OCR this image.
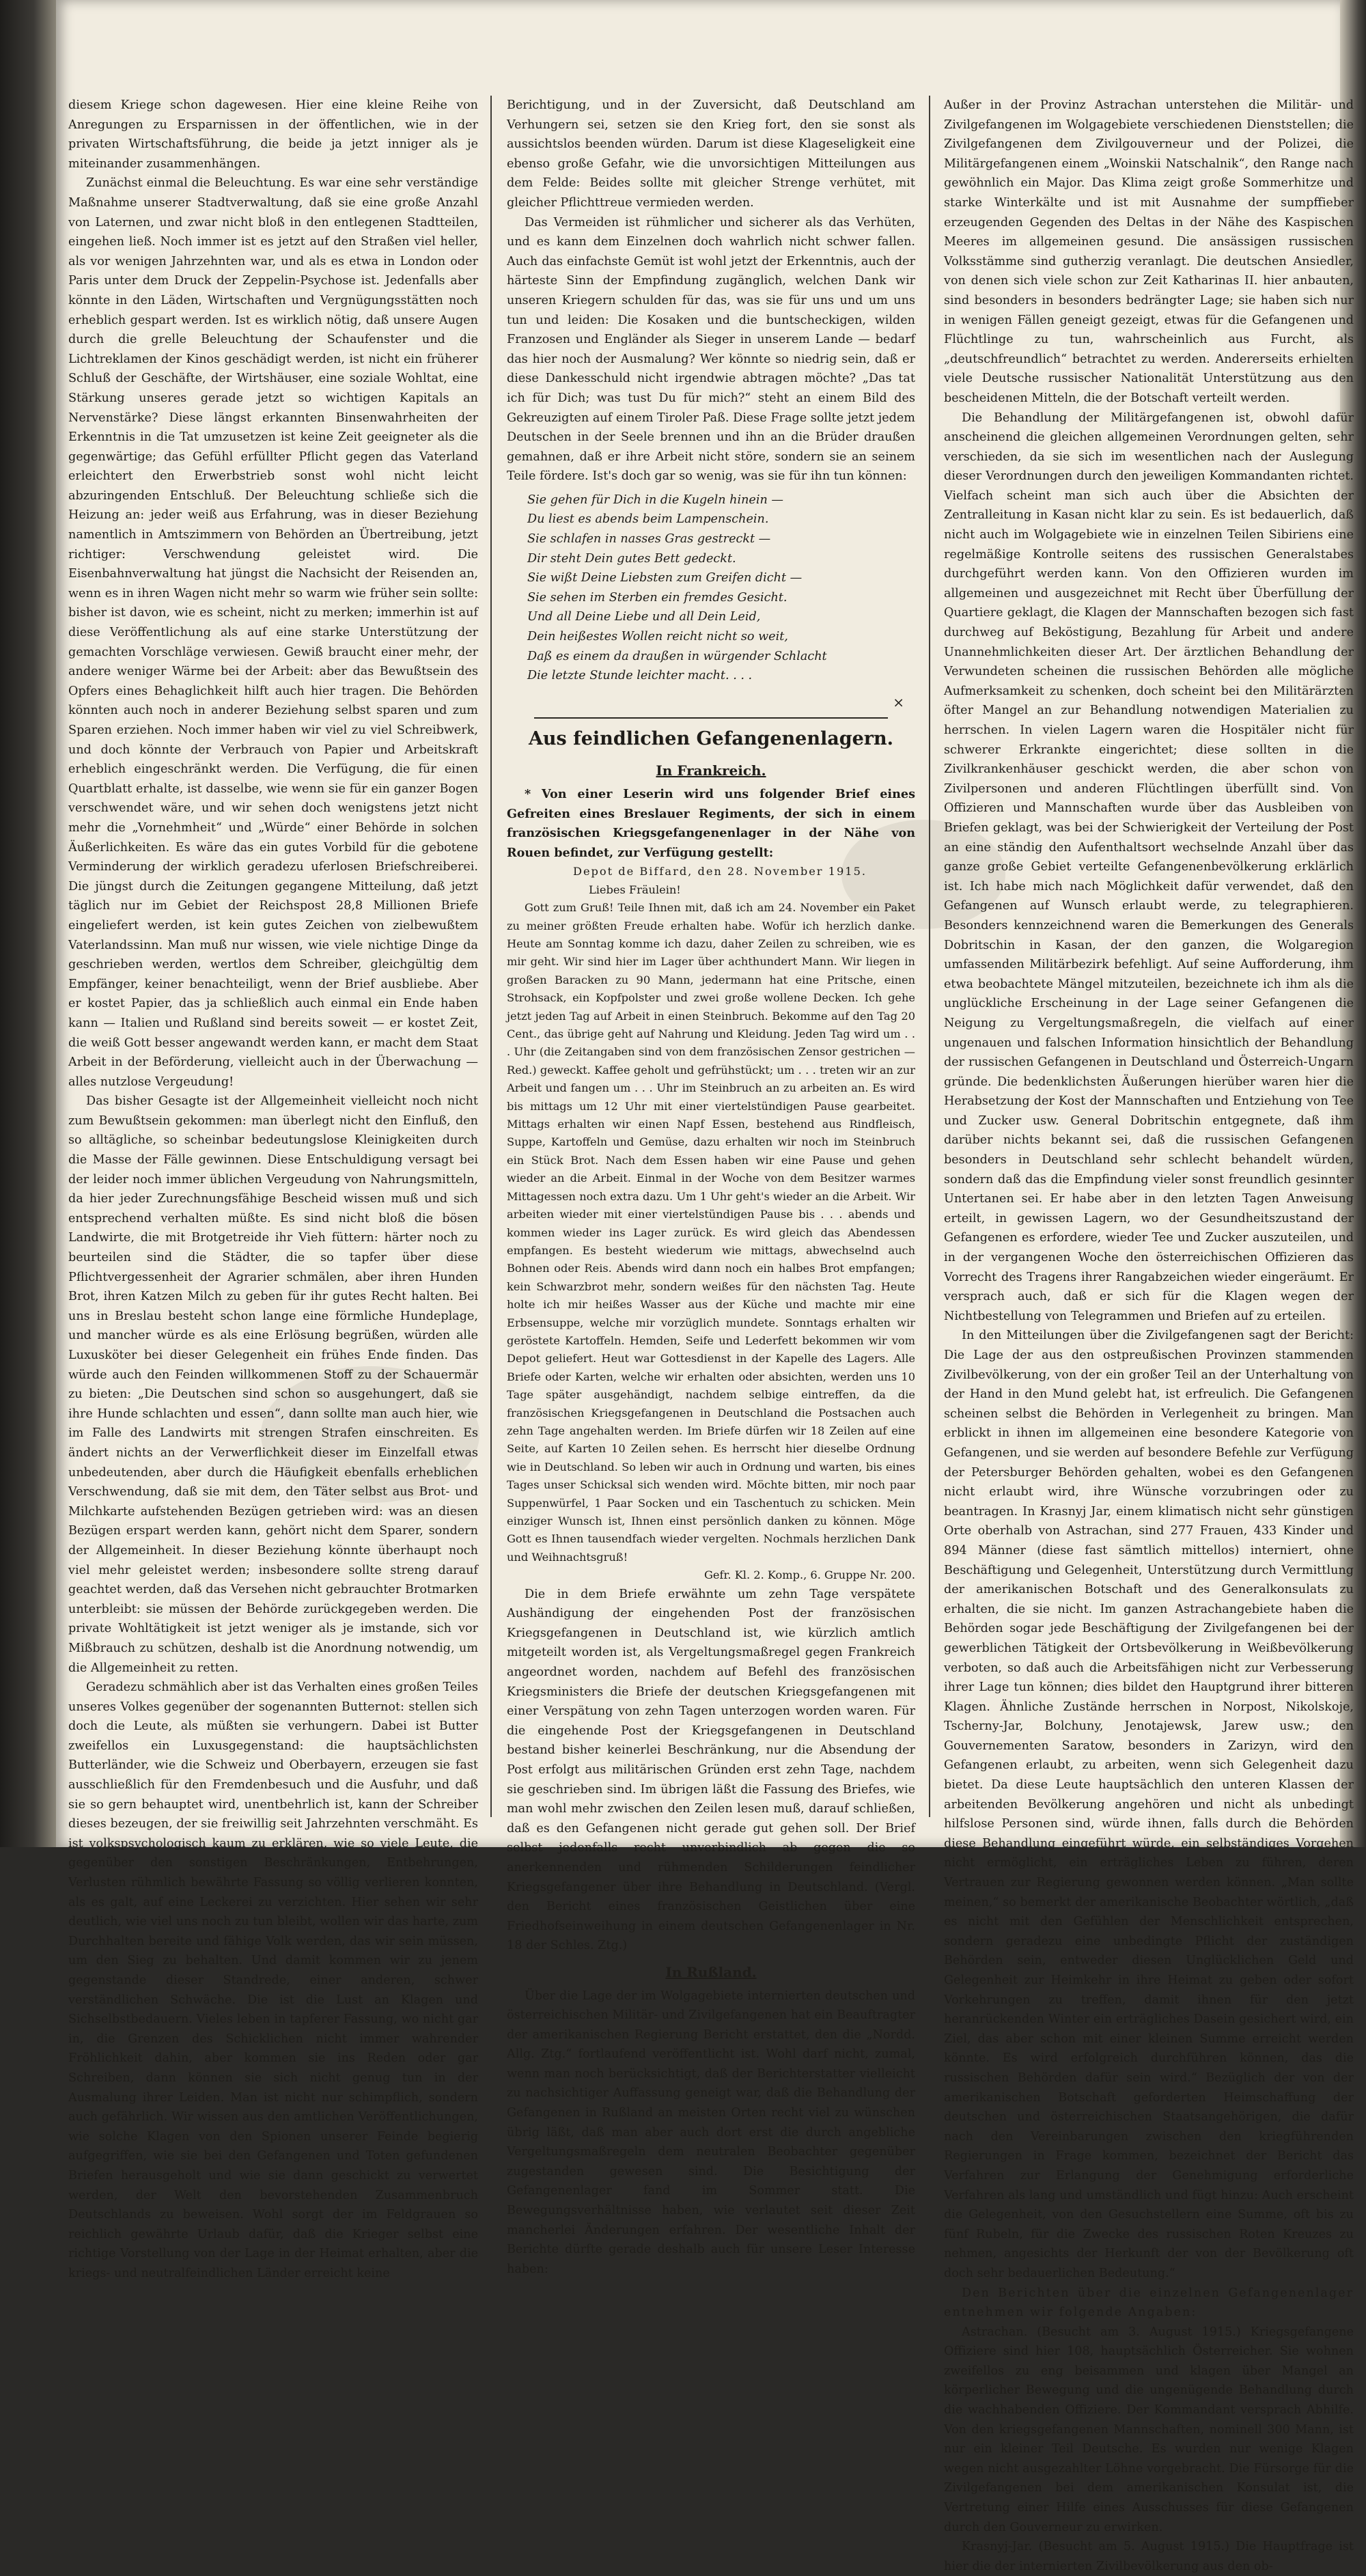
diesem Kriege schon dagewesen. Hier eine kleine Reihe von Anregungen zu Ersparnissen in der öffentlichen, wie in der privaten Wirtschaftsführung, die beide ja jetzt inniger als je miteinander zusammenhängen.

Zunächst einmal die Beleuchtung. Es war eine sehr verständige Maßnahme unserer Stadtverwaltung, daß sie eine große Anzahl von Laternen, und zwar nicht bloß in den entlegenen Stadtteilen, eingehen ließ. Noch immer ist es jetzt auf den Straßen viel heller, als vor wenigen Jahrzehnten war, und als es etwa in London oder Paris unter dem Druck der Zeppelin-Psychose ist. Jedenfalls aber könnte in den Läden, Wirtschaften und Vergnügungsstätten noch erheblich gespart werden. Ist es wirklich nötig, daß unsere Augen durch die grelle Beleuchtung der Schaufenster und die Lichtreklamen der Kinos geschädigt werden, ist nicht ein früherer Schluß der Geschäfte, der Wirtshäuser, eine soziale Wohltat, eine Stärkung unseres gerade jetzt so wichtigen Kapitals an Nervenstärke? Diese längst erkannten Binsenwahrheiten der Erkenntnis in die Tat umzusetzen ist keine Zeit geeigneter als die gegenwärtige; das Gefühl erfüllter Pflicht gegen das Vaterland erleichtert den Erwerbstrieb sonst wohl nicht leicht abzuringenden Entschluß. Der Beleuchtung schließe sich die Heizung an: jeder weiß aus Erfahrung, was in dieser Beziehung namentlich in Amtszimmern von Behörden an Übertreibung, jetzt richtiger: Verschwendung geleistet wird. Die Eisenbahnverwaltung hat jüngst die Nachsicht der Reisenden an, wenn es in ihren Wagen nicht mehr so warm wie früher sein sollte: bisher ist davon, wie es scheint, nicht zu merken; immerhin ist auf diese Veröffentlichung als auf eine starke Unterstützung der gemachten Vorschläge verwiesen. Gewiß braucht einer mehr, der andere weniger Wärme bei der Arbeit: aber das Bewußtsein des Opfers eines Behaglichkeit hilft auch hier tragen. Die Behörden könnten auch noch in anderer Beziehung selbst sparen und zum Sparen erziehen. Noch immer haben wir viel zu viel Schreibwerk, und doch könnte der Verbrauch von Papier und Arbeitskraft erheblich eingeschränkt werden. Die Verfügung, die für einen Quartblatt erhalte, ist dasselbe, wie wenn sie für ein ganzer Bogen verschwendet wäre, und wir sehen doch wenigstens jetzt nicht mehr die „Vornehmheit“ und „Würde“ einer Behörde in solchen Äußerlichkeiten. Es wäre das ein gutes Vorbild für die gebotene Verminderung der wirklich geradezu uferlosen Briefschreiberei. Die jüngst durch die Zeitungen gegangene Mitteilung, daß jetzt täglich nur im Gebiet der Reichspost 28,8 Millionen Briefe eingeliefert werden, ist kein gutes Zeichen von zielbewußtem Vaterlandssinn. Man muß nur wissen, wie viele nichtige Dinge da geschrieben werden, wertlos dem Schreiber, gleichgültig dem Empfänger, keiner benachteiligt, wenn der Brief ausbliebe. Aber er kostet Papier, das ja schließlich auch einmal ein Ende haben kann — Italien und Rußland sind bereits soweit — er kostet Zeit, die weiß Gott besser angewandt werden kann, er macht dem Staat Arbeit in der Beförderung, vielleicht auch in der Überwachung — alles nutzlose Vergeudung!

Das bisher Gesagte ist der Allgemeinheit vielleicht noch nicht zum Bewußtsein gekommen: man überlegt nicht den Einfluß, den so alltägliche, so scheinbar bedeutungslose Kleinigkeiten durch die Masse der Fälle gewinnen. Diese Entschuldigung versagt bei der leider noch immer üblichen Vergeudung von Nahrungsmitteln, da hier jeder Zurechnungsfähige Bescheid wissen muß und sich entsprechend verhalten müßte. Es sind nicht bloß die bösen Landwirte, die mit Brotgetreide ihr Vieh füttern: härter noch zu beurteilen sind die Städter, die so tapfer über diese Pflichtvergessenheit der Agrarier schmälen, aber ihren Hunden Brot, ihren Katzen Milch zu geben für ihr gutes Recht halten. Bei uns in Breslau besteht schon lange eine förmliche Hundeplage, und mancher würde es als eine Erlösung begrüßen, würden alle Luxusköter bei dieser Gelegenheit ein frühes Ende finden. Das würde auch den Feinden willkommenen Stoff zu der Schauermär zu bieten: „Die Deutschen sind schon so ausgehungert, daß sie ihre Hunde schlachten und essen“, dann sollte man auch hier, wie im Falle des Landwirts mit strengen Strafen einschreiten. Es ändert nichts an der Verwerflichkeit dieser im Einzelfall etwas unbedeutenden, aber durch die Häufigkeit ebenfalls erheblichen Verschwendung, daß sie mit dem, den Täter selbst aus Brot- und Milchkarte aufstehenden Bezügen getrieben wird: was an diesen Bezügen erspart werden kann, gehört nicht dem Sparer, sondern der Allgemeinheit. In dieser Beziehung könnte überhaupt noch viel mehr geleistet werden; insbesondere sollte streng darauf geachtet werden, daß das Versehen nicht gebrauchter Brotmarken unterbleibt: sie müssen der Behörde zurückgegeben werden. Die private Wohltätigkeit ist jetzt weniger als je imstande, sich vor Mißbrauch zu schützen, deshalb ist die Anordnung notwendig, um die Allgemeinheit zu retten.

Geradezu schmählich aber ist das Verhalten eines großen Teiles unseres Volkes gegenüber der sogenannten Butternot: stellen sich doch die Leute, als müßten sie verhungern. Dabei ist Butter zweifellos ein Luxusgegenstand: die hauptsächlichsten Butterländer, wie die Schweiz und Oberbayern, erzeugen sie fast ausschließlich für den Fremdenbesuch und die Ausfuhr, und daß sie so gern behauptet wird, unentbehrlich ist, kann der Schreiber dieses bezeugen, der sie freiwillig seit Jahrzehnten verschmäht. Es ist volkspsychologisch kaum zu erklären, wie so viele Leute, die gegenüber den sonstigen Beschränkungen, Entbehrungen, Verlusten rühmlich bewährte Fassung so völlig verlieren konnten, als es galt, auf eine Leckerei zu verzichten. Hier sehen wir sehr deutlich, wie viel uns noch zu tun bleibt, wollen wir das harte, zum Durchhalten bereite und fähige Volk werden, das wir sein müssen, um den Sieg zu behalten. Und damit kommen wir zu jenem gegenstande dieser Standrede, einer anderen, schwer verständlichen Schwäche. Die ist die Lust an Klagen und Sichselbstbedauern. Vieles leben in tapferer Fassung, wo nicht gar in, die Grenzen des Schicklichen nicht immer wahrender Fröhlichkeit dahin, aber kommen sie ins Reden oder gar Schreiben, dann können sie sich nicht genug tun in der Ausmalung ihrer Leiden. Man ist nicht nur schimpflich, sondern auch gefährlich. Wir wissen aus den amtlichen Veröffentlichungen, wie solche Klagen von den Spionen unserer Feinde begierig aufgegriffen, wie sie bei den Gefangenen und Toten gefundenen Briefen herausgeholt und wie sie dann geschickt zu verwertet werden, der Welt den bevorstehenden Zusammenbruch Deutschlands zu beweisen. Wohl sorgt der im Feldgrauen so reichlich gewährte Urlaub dafür, daß die Krieger selbst eine richtige Vorstellung von der Lage in der Heimat erhalten, aber die kriegs- und neutralfeindlichen Länder erreicht keine

Berichtigung, und in der Zuversicht, daß Deutschland am Verhungern sei, setzen sie den Krieg fort, den sie sonst als aussichtslos beenden würden. Darum ist diese Klageseligkeit eine ebenso große Gefahr, wie die unvorsichtigen Mitteilungen aus dem Felde: Beides sollte mit gleicher Strenge verhütet, mit gleicher Pflichttreue vermieden werden.

Das Vermeiden ist rühmlicher und sicherer als das Verhüten, und es kann dem Einzelnen doch wahrlich nicht schwer fallen. Auch das einfachste Gemüt ist wohl jetzt der Erkenntnis, auch der härteste Sinn der Empfindung zugänglich, welchen Dank wir unseren Kriegern schulden für das, was sie für uns und um uns tun und leiden: Die Kosaken und die buntscheckigen, wilden Franzosen und Engländer als Sieger in unserem Lande — bedarf das hier noch der Ausmalung? Wer könnte so niedrig sein, daß er diese Dankesschuld nicht irgendwie abtragen möchte? „Das tat ich für Dich; was tust Du für mich?“ steht an einem Bild des Gekreuzigten auf einem Tiroler Paß. Diese Frage sollte jetzt jedem Deutschen in der Seele brennen und ihn an die Brüder draußen gemahnen, daß er ihre Arbeit nicht störe, sondern sie an seinem Teile fördere. Ist's doch gar so wenig, was sie für ihn tun können:

Sie gehen für Dich in die Kugeln hinein —
Du liest es abends beim Lampenschein.
Sie schlafen in nasses Gras gestreckt —
Dir steht Dein gutes Bett gedeckt.
Sie wißt Deine Liebsten zum Greifen dicht —
Sie sehen im Sterben ein fremdes Gesicht.
Und all Deine Liebe und all Dein Leid,
Dein heißestes Wollen reicht nicht so weit,
Daß es einem da draußen in würgender Schlacht
Die letzte Stunde leichter macht. . . .
×
Aus feindlichen Gefangenenlagern.
In Frankreich.

* Von einer Leserin wird uns folgender Brief eines Gefreiten eines Breslauer Regiments, der sich in einem französischen Kriegsgefangenenlager in der Nähe von Rouen befindet, zur Verfügung gestellt:

Depot de Biffard, den 28. November 1915.

Liebes Fräulein!

Gott zum Gruß! Teile Ihnen mit, daß ich am 24. November ein Paket zu meiner größten Freude erhalten habe. Wofür ich herzlich danke. Heute am Sonntag komme ich dazu, daher Zeilen zu schreiben, wie es mir geht. Wir sind hier im Lager über achthundert Mann. Wir liegen in großen Baracken zu 90 Mann, jedermann hat eine Pritsche, einen Strohsack, ein Kopfpolster und zwei große wollene Decken. Ich gehe jetzt jeden Tag auf Arbeit in einen Steinbruch. Bekomme auf den Tag 20 Cent., das übrige geht auf Nahrung und Kleidung. Jeden Tag wird um . . . Uhr (die Zeitangaben sind von dem französischen Zensor gestrichen — Red.) geweckt. Kaffee geholt und gefrühstückt; um . . . treten wir an zur Arbeit und fangen um . . . Uhr im Steinbruch an zu arbeiten an. Es wird bis mittags um 12 Uhr mit einer viertelstündigen Pause gearbeitet. Mittags erhalten wir einen Napf Essen, bestehend aus Rindfleisch, Suppe, Kartoffeln und Gemüse, dazu erhalten wir noch im Steinbruch ein Stück Brot. Nach dem Essen haben wir eine Pause und gehen wieder an die Arbeit. Einmal in der Woche von dem Besitzer warmes Mittagessen noch extra dazu. Um 1 Uhr geht's wieder an die Arbeit. Wir arbeiten wieder mit einer viertelstündigen Pause bis . . . abends und kommen wieder ins Lager zurück. Es wird gleich das Abendessen empfangen. Es besteht wiederum wie mittags, abwechselnd auch Bohnen oder Reis. Abends wird dann noch ein halbes Brot empfangen; kein Schwarzbrot mehr, sondern weißes für den nächsten Tag. Heute holte ich mir heißes Wasser aus der Küche und machte mir eine Erbsensuppe, welche mir vorzüglich mundete. Sonntags erhalten wir geröstete Kartoffeln. Hemden, Seife und Lederfett bekommen wir vom Depot geliefert. Heut war Gottesdienst in der Kapelle des Lagers. Alle Briefe oder Karten, welche wir erhalten oder absichten, werden uns 10 Tage später ausgehändigt, nachdem selbige eintreffen, da die französischen Kriegsgefangenen in Deutschland die Postsachen auch zehn Tage angehalten werden. Im Briefe dürfen wir 18 Zeilen auf eine Seite, auf Karten 10 Zeilen sehen. Es herrscht hier dieselbe Ordnung wie in Deutschland. So leben wir auch in Ordnung und warten, bis eines Tages unser Schicksal sich wenden wird. Möchte bitten, mir noch paar Suppenwürfel, 1 Paar Socken und ein Taschentuch zu schicken. Mein einziger Wunsch ist, Ihnen einst persönlich danken zu können. Möge Gott es Ihnen tausendfach wieder vergelten. Nochmals herzlichen Dank und Weihnachtsgruß!

Gefr. Kl. 2. Komp., 6. Gruppe Nr. 200.

Die in dem Briefe erwähnte um zehn Tage verspätete Aushändigung der eingehenden Post der französischen Kriegsgefangenen in Deutschland ist, wie kürzlich amtlich mitgeteilt worden ist, als Vergeltungsmaßregel gegen Frankreich angeordnet worden, nachdem auf Befehl des französischen Kriegsministers die Briefe der deutschen Kriegsgefangenen mit einer Verspätung von zehn Tagen unterzogen worden waren. Für die eingehende Post der Kriegsgefangenen in Deutschland bestand bisher keinerlei Beschränkung, nur die Absendung der Post erfolgt aus militärischen Gründen erst zehn Tage, nachdem sie geschrieben sind. Im übrigen läßt die Fassung des Briefes, wie man wohl mehr zwischen den Zeilen lesen muß, darauf schließen, daß es den Gefangenen nicht gerade gut gehen soll. Der Brief selbst jedenfalls recht unverbindlich ab gegen die so anerkennenden und rühmenden Schilderungen feindlicher Kriegsgefangener über ihre Behandlung in Deutschland. (Vergl. den Bericht eines französischen Geistlichen über eine Friedhofseinweihung in einem deutschen Gefangenenlager in Nr. 18 der Schles. Ztg.)

In Rußland.

Über die Lage der im Wolgagebiete internierten deutschen und österreichischen Militär- und Zivilgefangenen hat ein Beauftragter der amerikanischen Regierung Bericht erstattet, den die „Nordd. Allg. Ztg.“ fortlaufend veröffentlicht ist. Wohl darf nicht, zumal, wenn man noch berücksichtigt, daß der Berichterstatter vielleicht zu nachsichtiger Auffassung geneigt war, daß die Behandlung der Gefangenen in Rußland an meisten Orten recht viel zu wünschen übrig läßt, daß man aber auch dort erst die durch angebliche Vergeltungsmaßregeln dem neutralen Beobachter gegenüber zugestanden gewesen sind. Die Besichtigung der Gefangenenlager fand im Sommer statt. Die Bewegungsverhältnisse haben, wie verlautet seit dieser Zeit mancherlei Änderungen erfahren. Der wesentliche Inhalt der Berichte dürfte gerade deshalb auch für unsere Leser Interesse haben:

Außer in der Provinz Astrachan unterstehen die Militär- und Zivilgefangenen im Wolgagebiete verschiedenen Dienststellen; die Zivilgefangenen dem Zivilgouverneur und der Polizei, die Militärgefangenen einem „Woinskii Natschalnik“, den Range nach gewöhnlich ein Major. Das Klima zeigt große Sommerhitze und starke Winterkälte und ist mit Ausnahme der sumpffieber erzeugenden Gegenden des Deltas in der Nähe des Kaspischen Meeres im allgemeinen gesund. Die ansässigen russischen Volksstämme sind gutherzig veranlagt. Die deutschen Ansiedler, von denen sich viele schon zur Zeit Katharinas II. hier anbauten, sind besonders in besonders bedrängter Lage; sie haben sich nur in wenigen Fällen geneigt gezeigt, etwas für die Gefangenen und Flüchtlinge zu tun, wahrscheinlich aus Furcht, als „deutschfreundlich“ betrachtet zu werden. Andererseits erhielten viele Deutsche russischer Nationalität Unterstützung aus den bescheidenen Mitteln, die der Botschaft verteilt werden.

Die Behandlung der Militärgefangenen ist, obwohl dafür anscheinend die gleichen allgemeinen Verordnungen gelten, sehr verschieden, da sie sich im wesentlichen nach der Auslegung dieser Verordnungen durch den jeweiligen Kommandanten richtet. Vielfach scheint man sich auch über die Absichten der Zentralleitung in Kasan nicht klar zu sein. Es ist bedauerlich, daß nicht auch im Wolgagebiete wie in einzelnen Teilen Sibiriens eine regelmäßige Kontrolle seitens des russischen Generalstabes durchgeführt werden kann. Von den Offizieren wurden im allgemeinen und ausgezeichnet mit Recht über Überfüllung der Quartiere geklagt, die Klagen der Mannschaften bezogen sich fast durchweg auf Beköstigung, Bezahlung für Arbeit und andere Unannehmlichkeiten dieser Art. Der ärztlichen Behandlung der Verwundeten scheinen die russischen Behörden alle mögliche Aufmerksamkeit zu schenken, doch scheint bei den Militärärzten öfter Mangel an zur Behandlung notwendigen Materialien zu herrschen. In vielen Lagern waren die Hospitäler nicht für schwerer Erkrankte eingerichtet; diese sollten in die Zivilkrankenhäuser geschickt werden, die aber schon von Zivilpersonen und anderen Flüchtlingen überfüllt sind. Von Offizieren und Mannschaften wurde über das Ausbleiben von Briefen geklagt, was bei der Schwierigkeit der Verteilung der Post an eine ständig den Aufenthaltsort wechselnde Anzahl über das ganze große Gebiet verteilte Gefangenenbevölkerung erklärlich ist. Ich habe mich nach Möglichkeit dafür verwendet, daß den Gefangenen auf Wunsch erlaubt werde, zu telegraphieren. Besonders kennzeichnend waren die Bemerkungen des Generals Dobritschin in Kasan, der den ganzen, die Wolgaregion umfassenden Militärbezirk befehligt. Auf seine Aufforderung, ihm etwa beobachtete Mängel mitzuteilen, bezeichnete ich ihm als die unglückliche Erscheinung in der Lage seiner Gefangenen die Neigung zu Vergeltungsmaßregeln, die vielfach auf einer ungenauen und falschen Information hinsichtlich der Behandlung der russischen Gefangenen in Deutschland und Österreich-Ungarn gründe. Die bedenklichsten Äußerungen hierüber waren hier die Herabsetzung der Kost der Mannschaften und Entziehung von Tee und Zucker usw. General Dobritschin entgegnete, daß ihm darüber nichts bekannt sei, daß die russischen Gefangenen besonders in Deutschland sehr schlecht behandelt würden, sondern daß das die Empfindung vieler sonst freundlich gesinnter Untertanen sei. Er habe aber in den letzten Tagen Anweisung erteilt, in gewissen Lagern, wo der Gesundheitszustand der Gefangenen es erfordere, wieder Tee und Zucker auszuteilen, und in der vergangenen Woche den österreichischen Offizieren das Vorrecht des Tragens ihrer Rangabzeichen wieder eingeräumt. Er versprach auch, daß er sich für die Klagen wegen der Nichtbestellung von Telegrammen und Briefen auf zu erteilen.

In den Mitteilungen über die Zivilgefangenen sagt der Bericht: Die Lage der aus den ostpreußischen Provinzen stammenden Zivilbevölkerung, von der ein großer Teil an der Unterhaltung von der Hand in den Mund gelebt hat, ist erfreulich. Die Gefangenen scheinen selbst die Behörden in Verlegenheit zu bringen. Man erblickt in ihnen im allgemeinen eine besondere Kategorie von Gefangenen, und sie werden auf besondere Befehle zur Verfügung der Petersburger Behörden gehalten, wobei es den Gefangenen nicht erlaubt wird, ihre Wünsche vorzubringen oder zu beantragen. In Krasnyj Jar, einem klimatisch nicht sehr günstigen Orte oberhalb von Astrachan, sind 277 Frauen, 433 Kinder und 894 Männer (diese fast sämtlich mittellos) interniert, ohne Beschäftigung und Gelegenheit, Unterstützung durch Vermittlung der amerikanischen Botschaft und des Generalkonsulats zu erhalten, die sie nicht. Im ganzen Astrachangebiete haben die Behörden sogar jede Beschäftigung der Zivilgefangenen bei der gewerblichen Tätigkeit der Ortsbevölkerung in Weißbevölkerung verboten, so daß auch die Arbeitsfähigen nicht zur Verbesserung ihrer Lage tun können; dies bildet den Hauptgrund ihrer bitteren Klagen. Ähnliche Zustände herrschen in Norpost, Nikolskoje, Tscherny-Jar, Bolchuny, Jenotajewsk, Jarew usw.; den Gouvernementen Saratow, besonders in Zarizyn, wird den Gefangenen erlaubt, zu arbeiten, wenn sich Gelegenheit dazu bietet. Da diese Leute hauptsächlich den unteren Klassen der arbeitenden Bevölkerung angehören und nicht als unbedingt hilfslose Personen sind, würde ihnen, falls durch die Behörden diese Behandlung eingeführt würde, ein selbständiges Vorgehen nicht ermöglicht, ein erträgliches Leben zu führen, deren Vertrauen zur Regierung gewonnen werden können. „Man sollte meinen,“ so bemerkt der amerikanische Beobachter wörtlich, „daß es nicht mit den Gefühlen der Menschlichkeit entsprechen, sondern geradezu eine unbedingte Pflicht der zuständigen Behörden sein, entweder diesen Unglücklichen Geld und Gelegenheit zur Heimkehr in ihre Heimat zu geben oder sofort Vorkehrungen zu treffen, damit ihnen für den jetzt heranrückenden Winter ein erträgliches Dasein gesichert wird, ein Ziel, das aber schon mit einer kleinen Summe erreicht werden könnte. Es wird erfolgreich durchführen können, das die russischen Behörden dafür sein wird.“ Bezüglich der von der amerikanischen Botschaft geforderten Heimschaffung der deutschen und österreichischen Staatsangehörigen, die dafür nach den Vereinbarungen zwischen den kriegführenden Regierungen in Frage kommen, bezeichnet der Bericht das Verfahren zur Erlangung der Genehmigung erforderliche Verfahren als lang und umständlich und fügt hinzu: Auch erscheint die Gelegenheit, von den Gesuchstellern eine Summe, oft bis zu fünf Rubeln, für die Zwecke des russischen Roten Kreuzes zu nehmen, angesichts der Herkunft der von der Bevölkerung oft doch sehr bedauerlichen Bedeutung.“

Den Berichten über die einzelnen Gefangenenlager entnehmen wir folgende Angaben:

Astrachan. (Besucht am 3. August 1915.) Kriegsgefangene Offiziere sind hier 108, hauptsächlich Österreicher. Sie wohnen zweifellos zu eng beisammen und klagen über Mangel an körperlicher Bewegung und die ungenügende Behandlung durch die wachhabenden Offiziere. Der Kommandant versprach Abhilfe. Von den kriegsgefangenen Mannschaften, nominell 300 Mann, ist nur ein kleiner Teil Deutsche. Es wurden nur wenige Klagen wegen nicht ausgezahlter Löhne vorgebracht. Die Fürsorge für die Zivilgefangenen bei dem amerikanischen Konsulat ist, die Vertretung einer Hilfe eines Ausschusses für diese Gefangenen durch den Gouverneur zu erwirken.

Krasnyj-Jar. (Besucht am 5. August 1915.) Die Hauptfrage ist hier die der internierten Zivilbevölkerung aus den ob-
